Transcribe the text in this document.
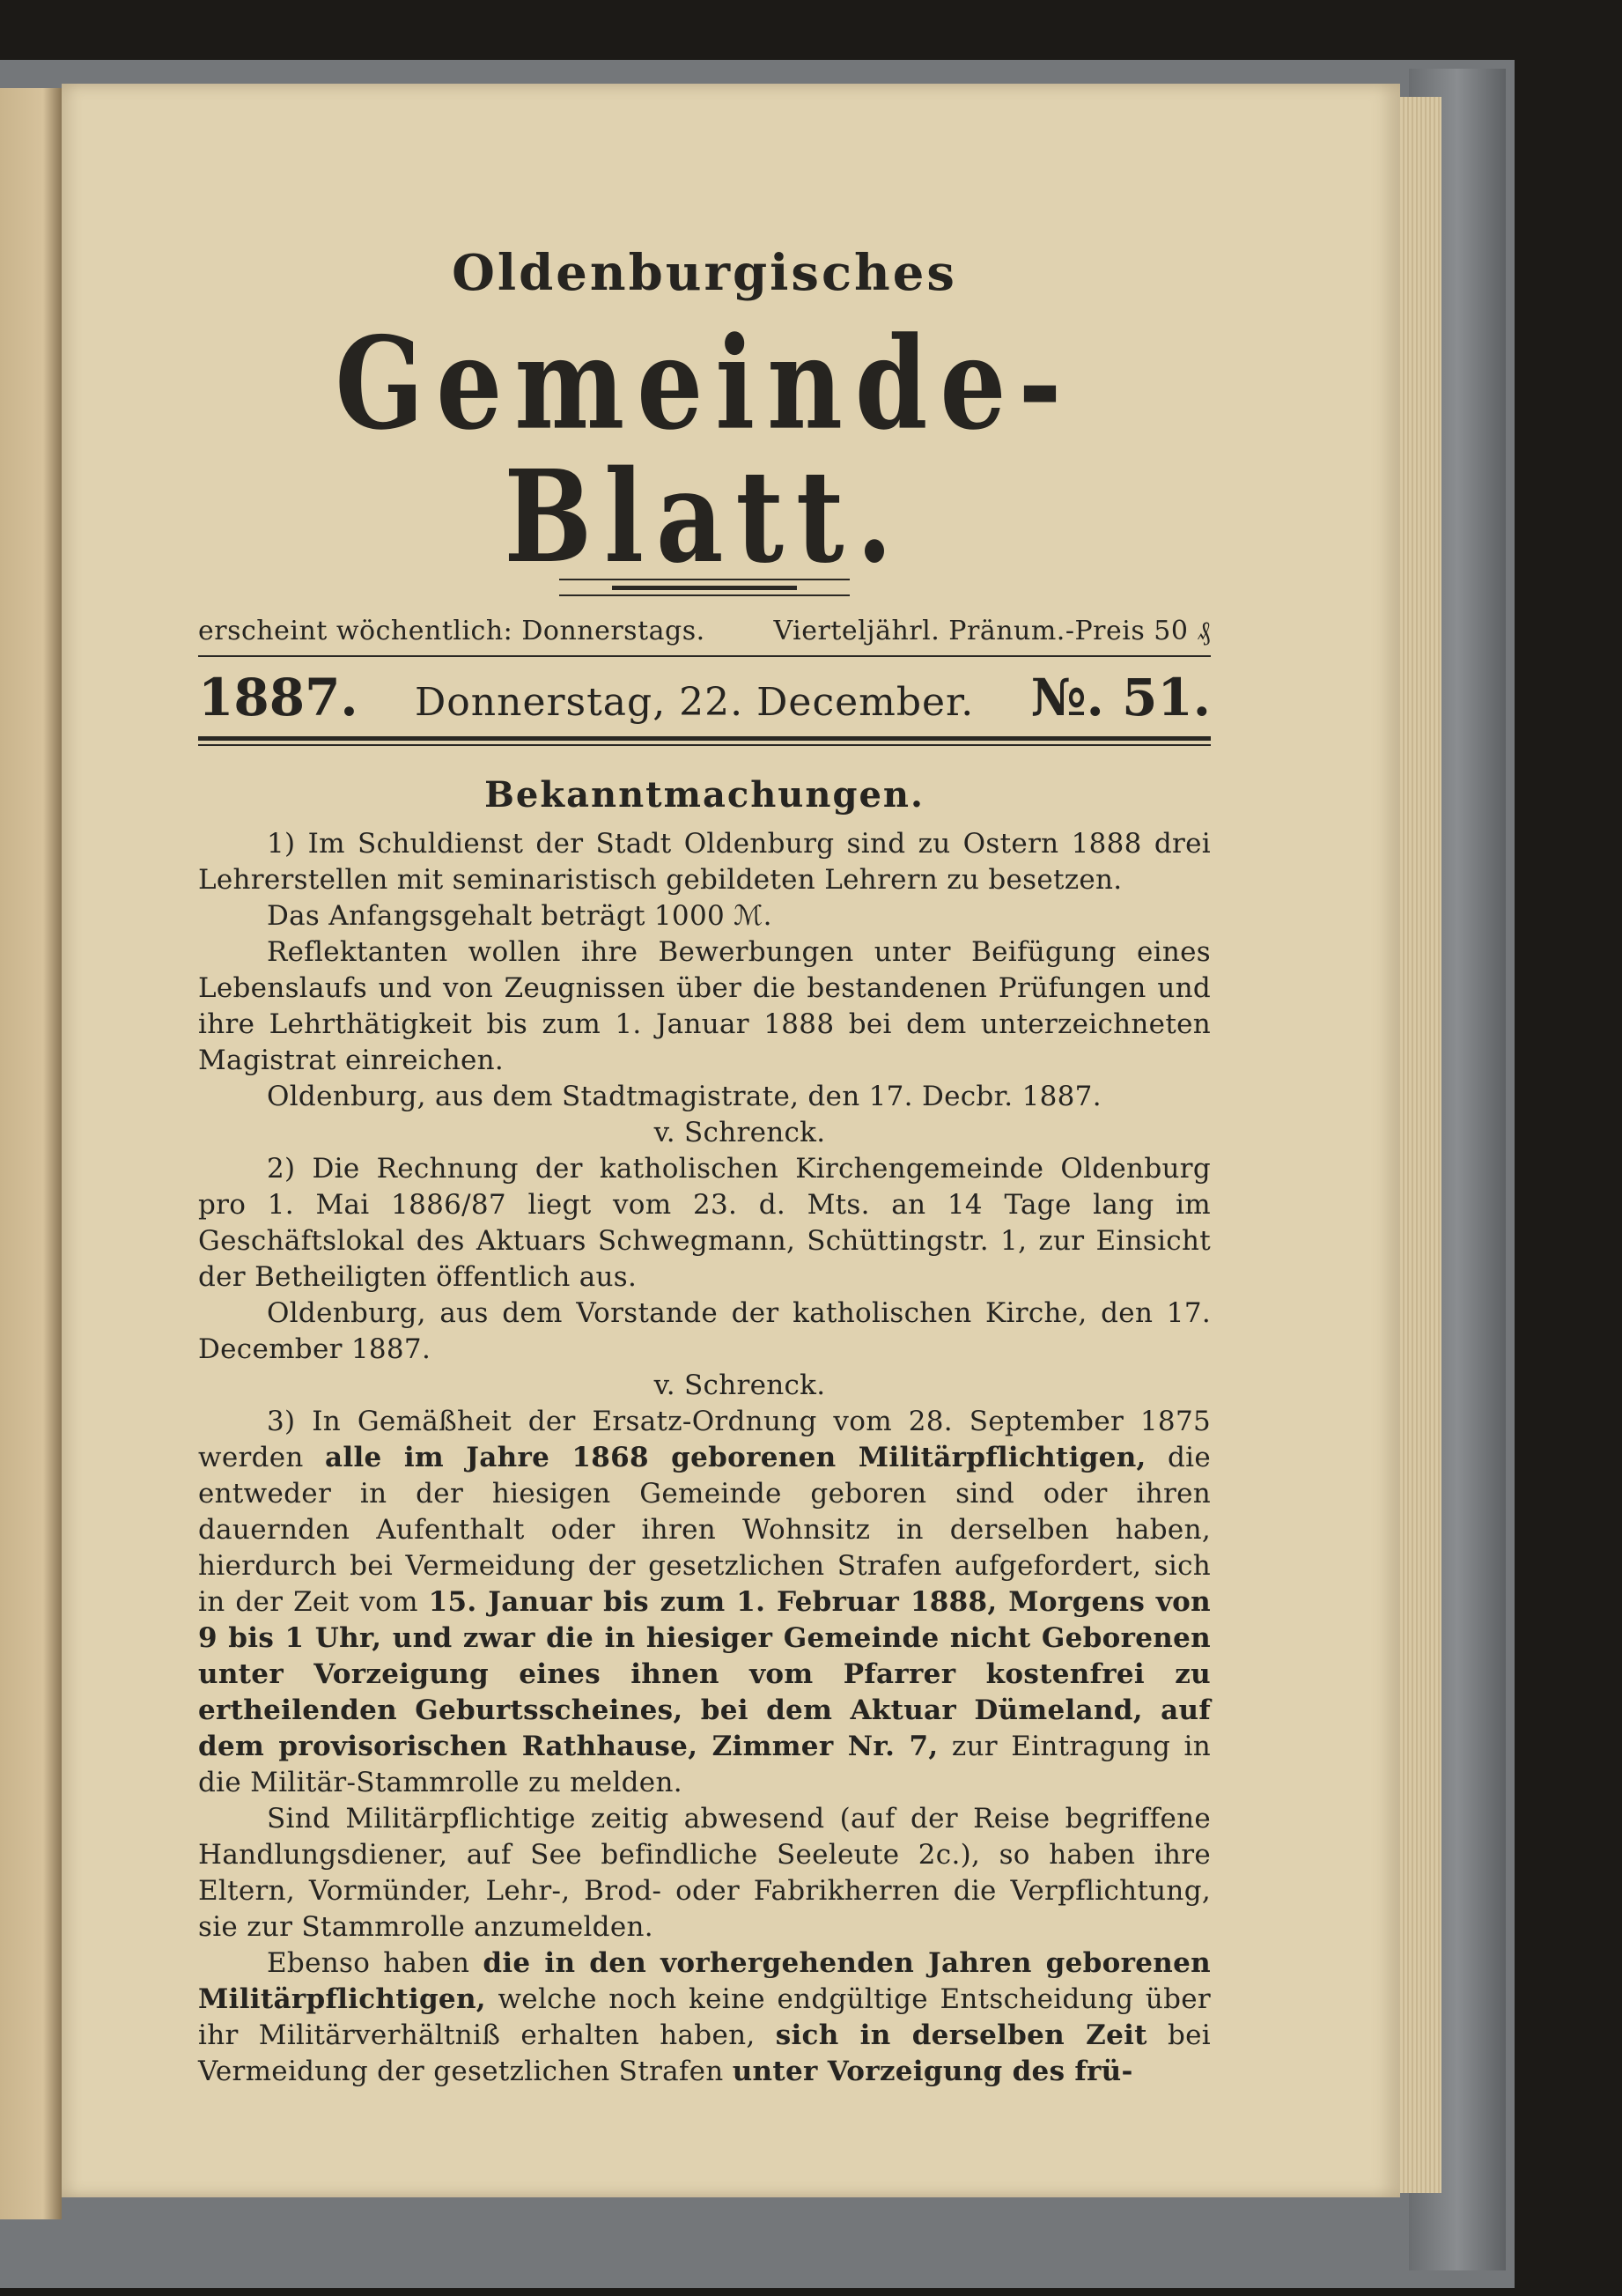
Oldenburgisches
Gemeinde-Blatt.
erscheint wöchentlich: Donnerstags.	Vierteljährl. Pränum.-Preis 50 ₰
1887. Donnerstag, 22. December. №. 51.
Bekanntmachungen.

1) Im Schuldienst der Stadt Oldenburg sind zu Ostern 1888 drei Lehrerstellen mit seminaristisch gebildeten Lehrern zu besetzen.

Das Anfangsgehalt beträgt 1000 ℳ.

Reflektanten wollen ihre Bewerbungen unter Beifügung eines Lebenslaufs und von Zeugnissen über die bestandenen Prüfungen und ihre Lehrthätigkeit bis zum 1. Januar 1888 bei dem unterzeichneten Magistrat einreichen.

Oldenburg, aus dem Stadtmagistrate, den 17. Decbr. 1887.

v. Schrenck.

2) Die Rechnung der katholischen Kirchengemeinde Oldenburg pro 1. Mai 1886/87 liegt vom 23. d. Mts. an 14 Tage lang im Geschäftslokal des Aktuars Schwegmann, Schüttingstr. 1, zur Einsicht der Betheiligten öffentlich aus.

Oldenburg, aus dem Vorstande der katholischen Kirche, den 17. December 1887.

v. Schrenck.

3) In Gemäßheit der Ersatz-Ordnung vom 28. September 1875 werden alle im Jahre 1868 geborenen Militärpflichtigen, die entweder in der hiesigen Gemeinde geboren sind oder ihren dauernden Aufenthalt oder ihren Wohnsitz in derselben haben, hierdurch bei Vermeidung der gesetzlichen Strafen aufgefordert, sich in der Zeit vom 15. Januar bis zum 1. Februar 1888, Morgens von 9 bis 1 Uhr, und zwar die in hiesiger Gemeinde nicht Geborenen unter Vorzeigung eines ihnen vom Pfarrer kostenfrei zu ertheilenden Geburtsscheines, bei dem Aktuar Dümeland, auf dem provisorischen Rathhause, Zimmer Nr. 7, zur Eintragung in die Militär-Stammrolle zu melden.

Sind Militärpflichtige zeitig abwesend (auf der Reise begriffene Handlungsdiener, auf See befindliche Seeleute 2c.), so haben ihre Eltern, Vormünder, Lehr-, Brod- oder Fabrikherren die Verpflichtung, sie zur Stammrolle anzumelden.

Ebenso haben die in den vorhergehenden Jahren geborenen Militärpflichtigen, welche noch keine endgültige Entscheidung über ihr Militärverhältniß erhalten haben, sich in derselben Zeit bei Vermeidung der gesetzlichen Strafen unter Vorzeigung des frü-
